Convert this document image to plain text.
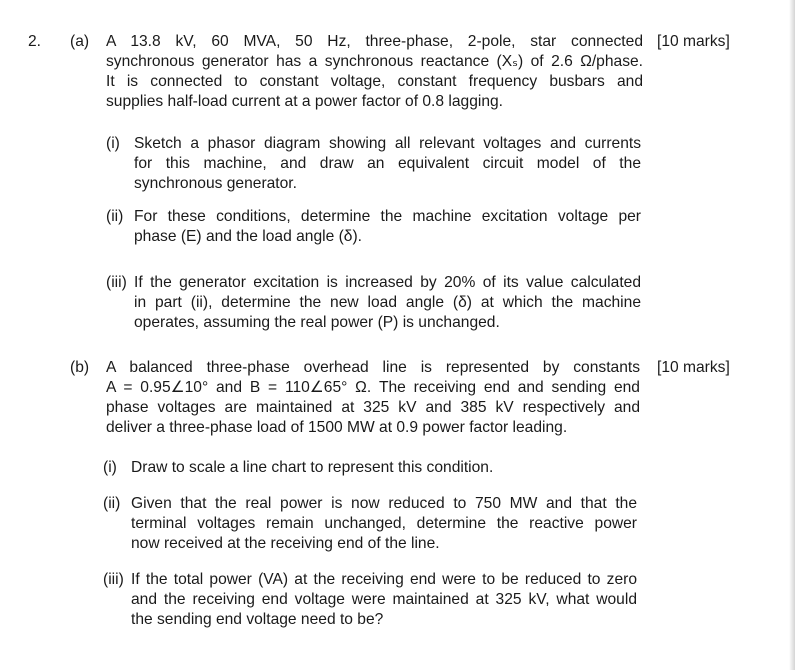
2. (a)	[10 marks]
A 13.8 kV, 60 MVA, 50 Hz, three-phase, 2-pole, star connected
synchronous generator has a synchronous reactance (Xₛ) of 2.6 Ω/phase.
It is connected to constant voltage, constant frequency busbars and
supplies half-load current at a power factor of 0.8 lagging.
(i) Sketch a phasor diagram showing all relevant voltages and currents
for this machine, and draw an equivalent circuit model of the
synchronous generator.
(ii) For these conditions, determine the machine excitation voltage per
phase (E) and the load angle (δ).
(iii) If the generator excitation is increased by 20% of its value calculated
in part (ii), determine the new load angle (δ) at which the machine
operates, assuming the real power (P) is unchanged.
(b)	[10 marks]
A balanced three-phase overhead line is represented by constants
A = 0.95∠10° and B = 110∠65° Ω. The receiving end and sending end
phase voltages are maintained at 325 kV and 385 kV respectively and
deliver a three-phase load of 1500 MW at 0.9 power factor leading.
(i) Draw to scale a line chart to represent this condition.
(ii) Given that the real power is now reduced to 750 MW and that the
terminal voltages remain unchanged, determine the reactive power
now received at the receiving end of the line.
(iii) If the total power (VA) at the receiving end were to be reduced to zero
and the receiving end voltage were maintained at 325 kV, what would
the sending end voltage need to be?
